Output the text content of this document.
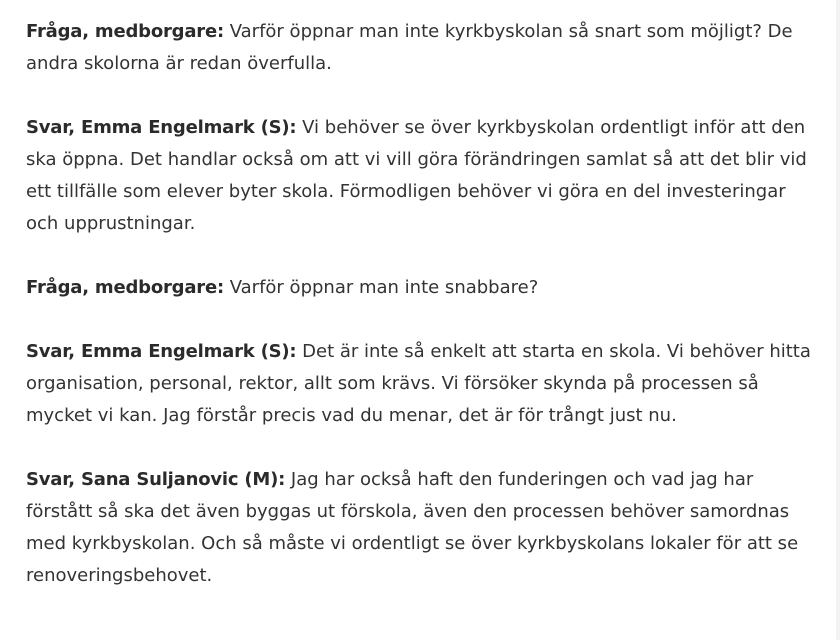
Fråga, medborgare: Varför öppnar man inte kyrkbyskolan så snart som möjligt? De andra skolorna är redan överfulla.

Svar, Emma Engelmark (S): Vi behöver se över kyrkbyskolan ordentligt inför att den ska öppna. Det handlar också om att vi vill göra förändringen samlat så att det blir vid ett tillfälle som elever byter skola. Förmodligen behöver vi göra en del investeringar och upprustningar.

Fråga, medborgare: Varför öppnar man inte snabbare?

Svar, Emma Engelmark (S): Det är inte så enkelt att starta en skola. Vi behöver hitta organisation, personal, rektor, allt som krävs. Vi försöker skynda på processen så mycket vi kan. Jag förstår precis vad du menar, det är för trångt just nu.

Svar, Sana Suljanovic (M): Jag har också haft den funderingen och vad jag har förstått så ska det även byggas ut förskola, även den processen behöver samordnas med kyrkbyskolan. Och så måste vi ordentligt se över kyrkbyskolans lokaler för att se renoveringsbehovet.
